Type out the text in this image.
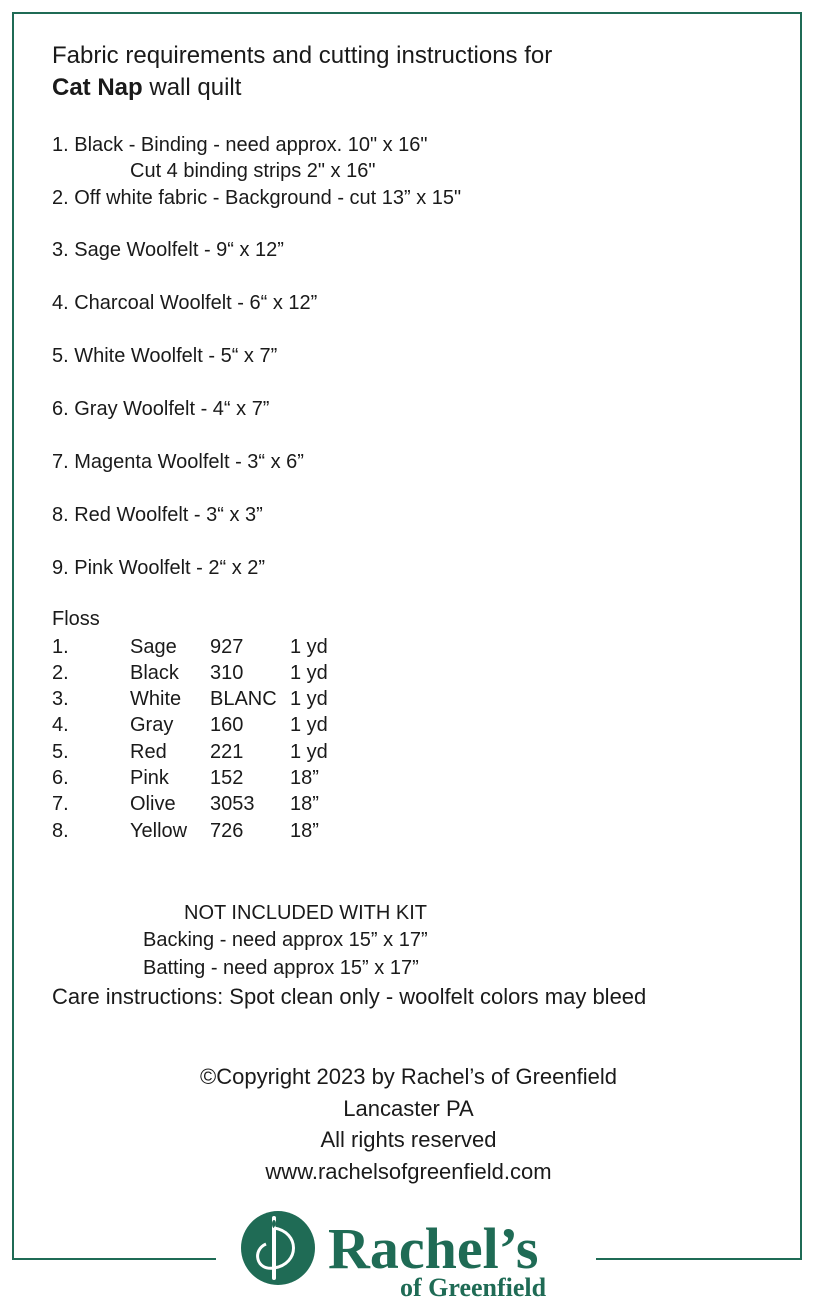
Fabric requirements and cutting instructions for
Cat Nap wall quilt
1. Black - Binding - need approx. 10" x 16"
Cut 4 binding strips 2" x 16"
2. Off white fabric - Background - cut 13” x 15"
3. Sage Woolfelt - 9“ x 12”
4. Charcoal Woolfelt - 6“ x 12”
5. White Woolfelt - 5“ x 7”
6. Gray Woolfelt - 4“ x 7”
7. Magenta Woolfelt - 3“ x 6”
8. Red Woolfelt - 3“ x 3”
9. Pink Woolfelt - 2“ x 2”
Floss
1.	Sage 927 1 yd
2.	Black 310 1 yd
3.	White BLANC 1 yd
4.	Gray 160 1 yd
5.	Red 221 1 yd
6.	Pink 152 18”
7.	Olive 3053 18”
8.	Yellow 726 18”
NOT INCLUDED WITH KIT
Backing - need approx 15” x 17”
Batting - need approx 15” x 17”
Care instructions: Spot clean only - woolfelt colors may bleed
©Copyright 2023 by Rachel’s of Greenfield
Lancaster PA
All rights reserved
www.rachelsofgreenfield.com
Rachel’s
of Greenfield
